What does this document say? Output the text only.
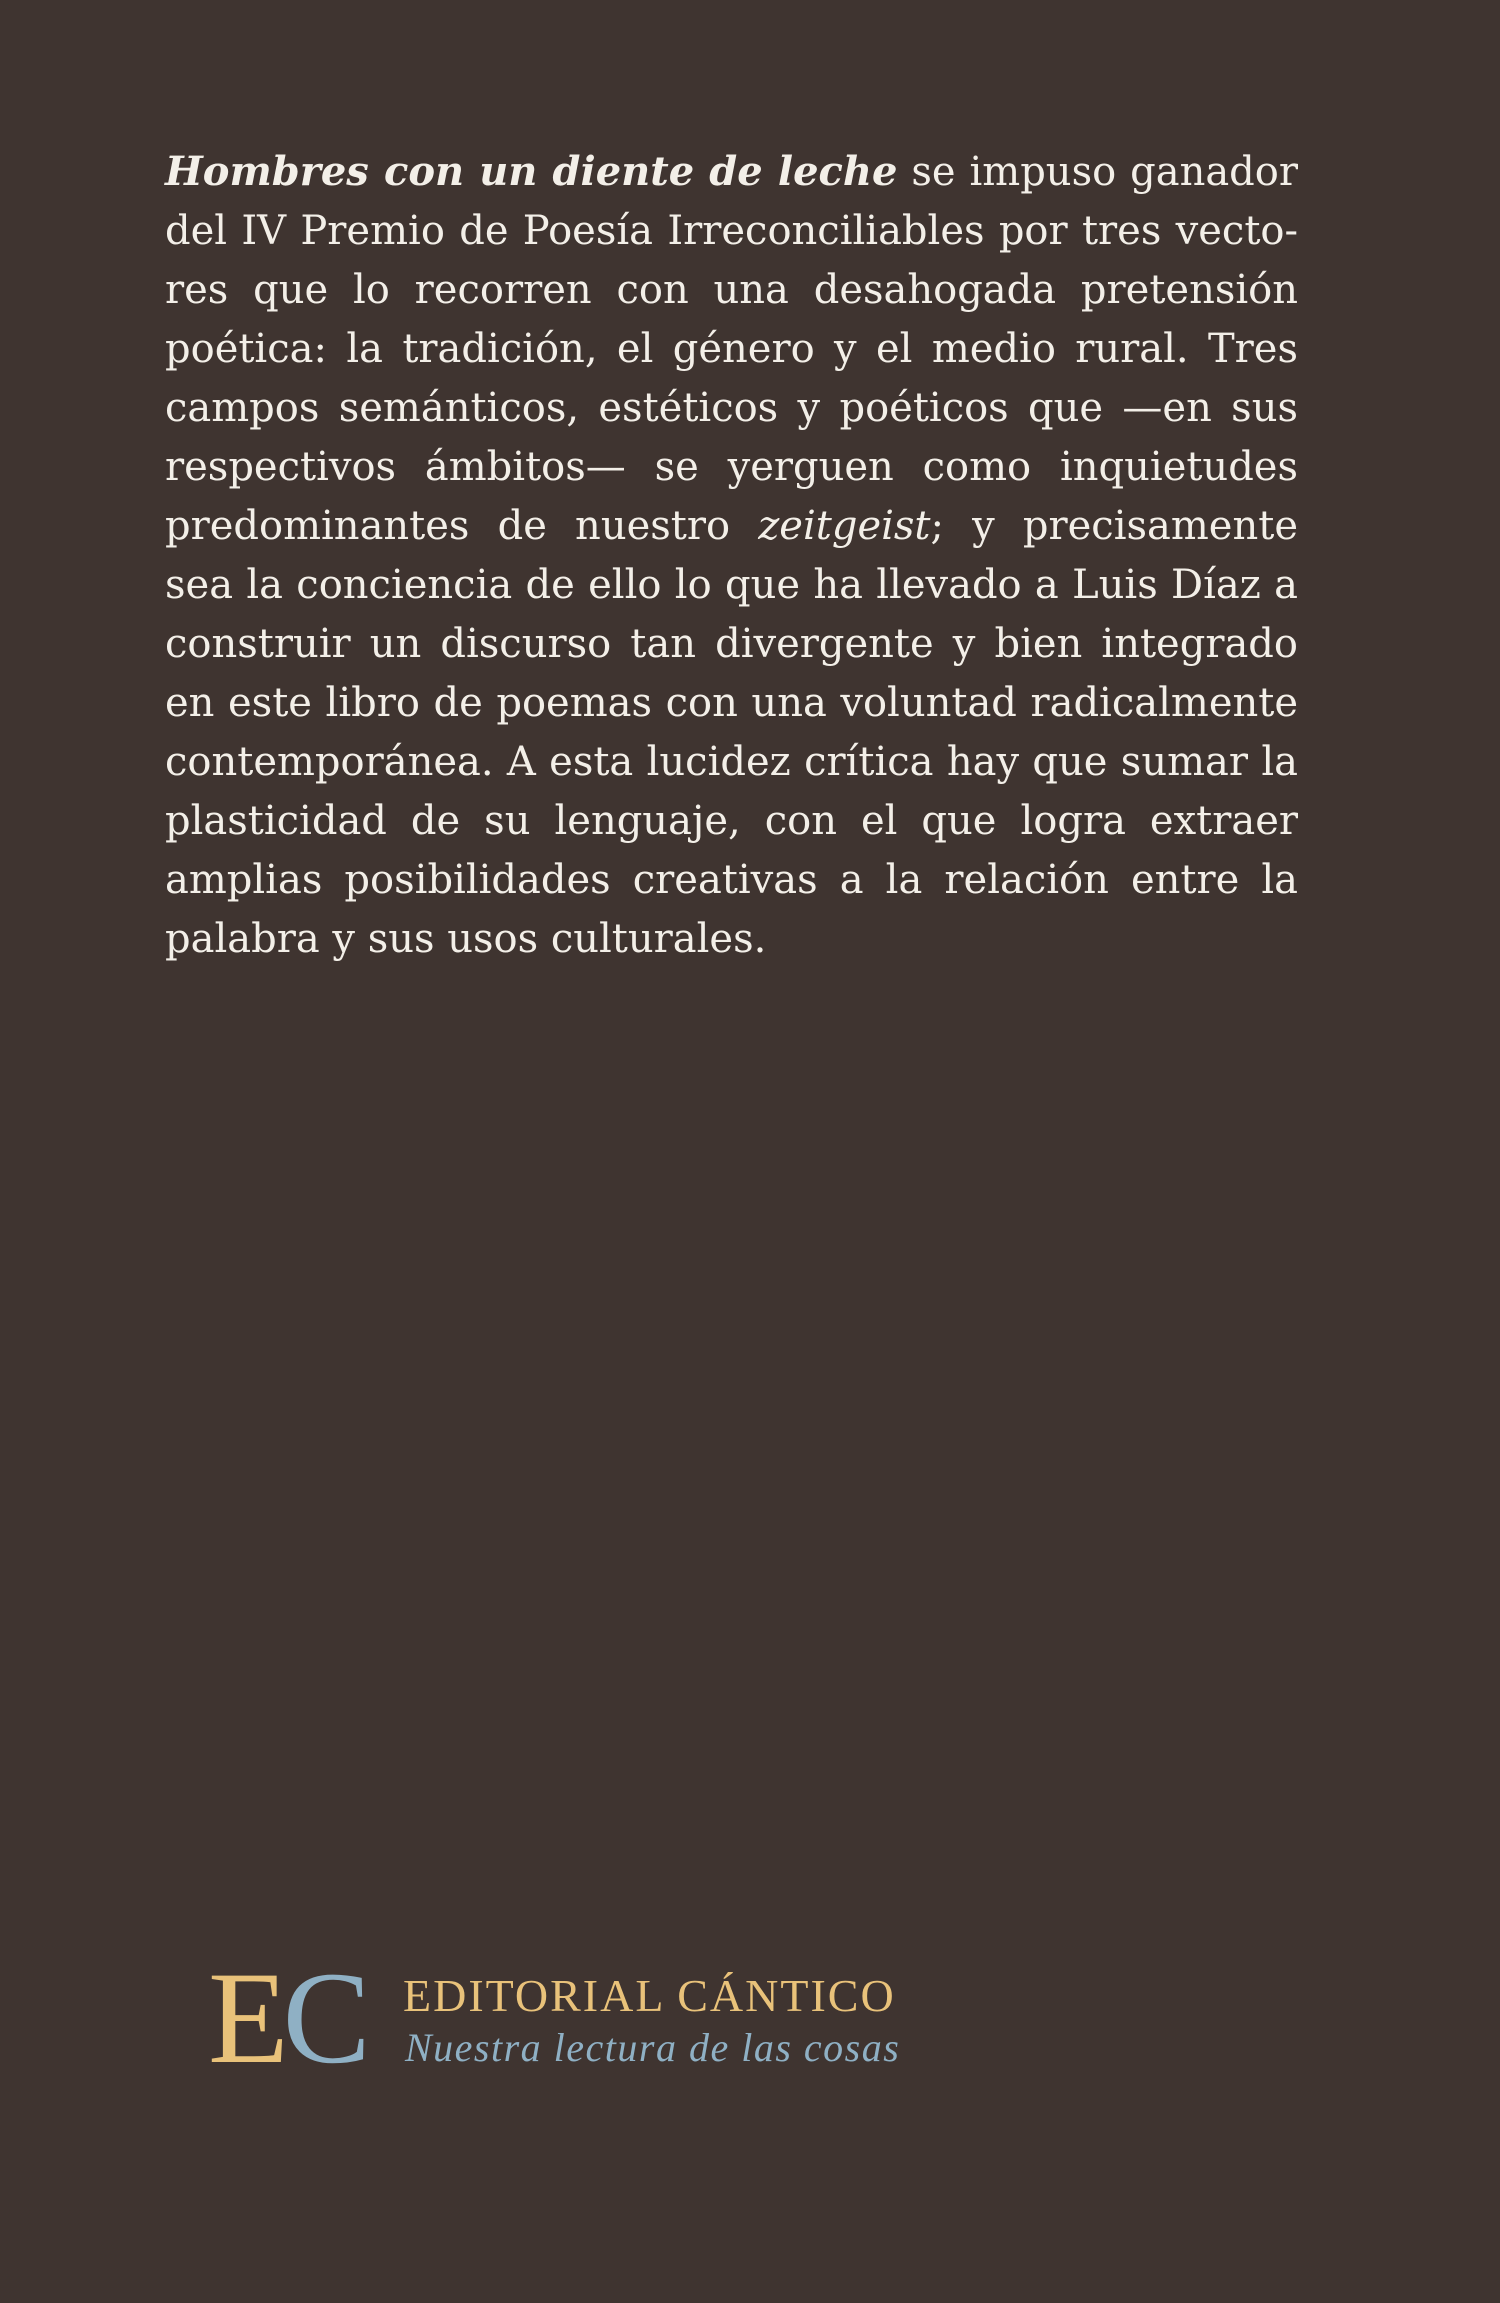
Hombres con un diente de leche se impuso ganador del IV Premio de Poesía Irreconciliables por tres vectores que lo recorren con una desahogada pretensión poética: la tradición, el género y el medio rural. Tres campos semánticos, estéticos y poéticos que —en sus respectivos ámbitos— se yerguen como inquietudes predominantes de nuestro zeitgeist; y precisamente sea la conciencia de ello lo que ha llevado a Luis Díaz a construir un discurso tan divergente y bien integrado en este libro de poemas con una voluntad radicalmente contemporánea. A esta lucidez crítica hay que sumar la plasticidad de su lenguaje, con el que logra extraer amplias posibilidades creativas a la relación entre la palabra y sus usos culturales.

EC EDITORIAL CÁNTICO
Nuestra lectura de las cosas
